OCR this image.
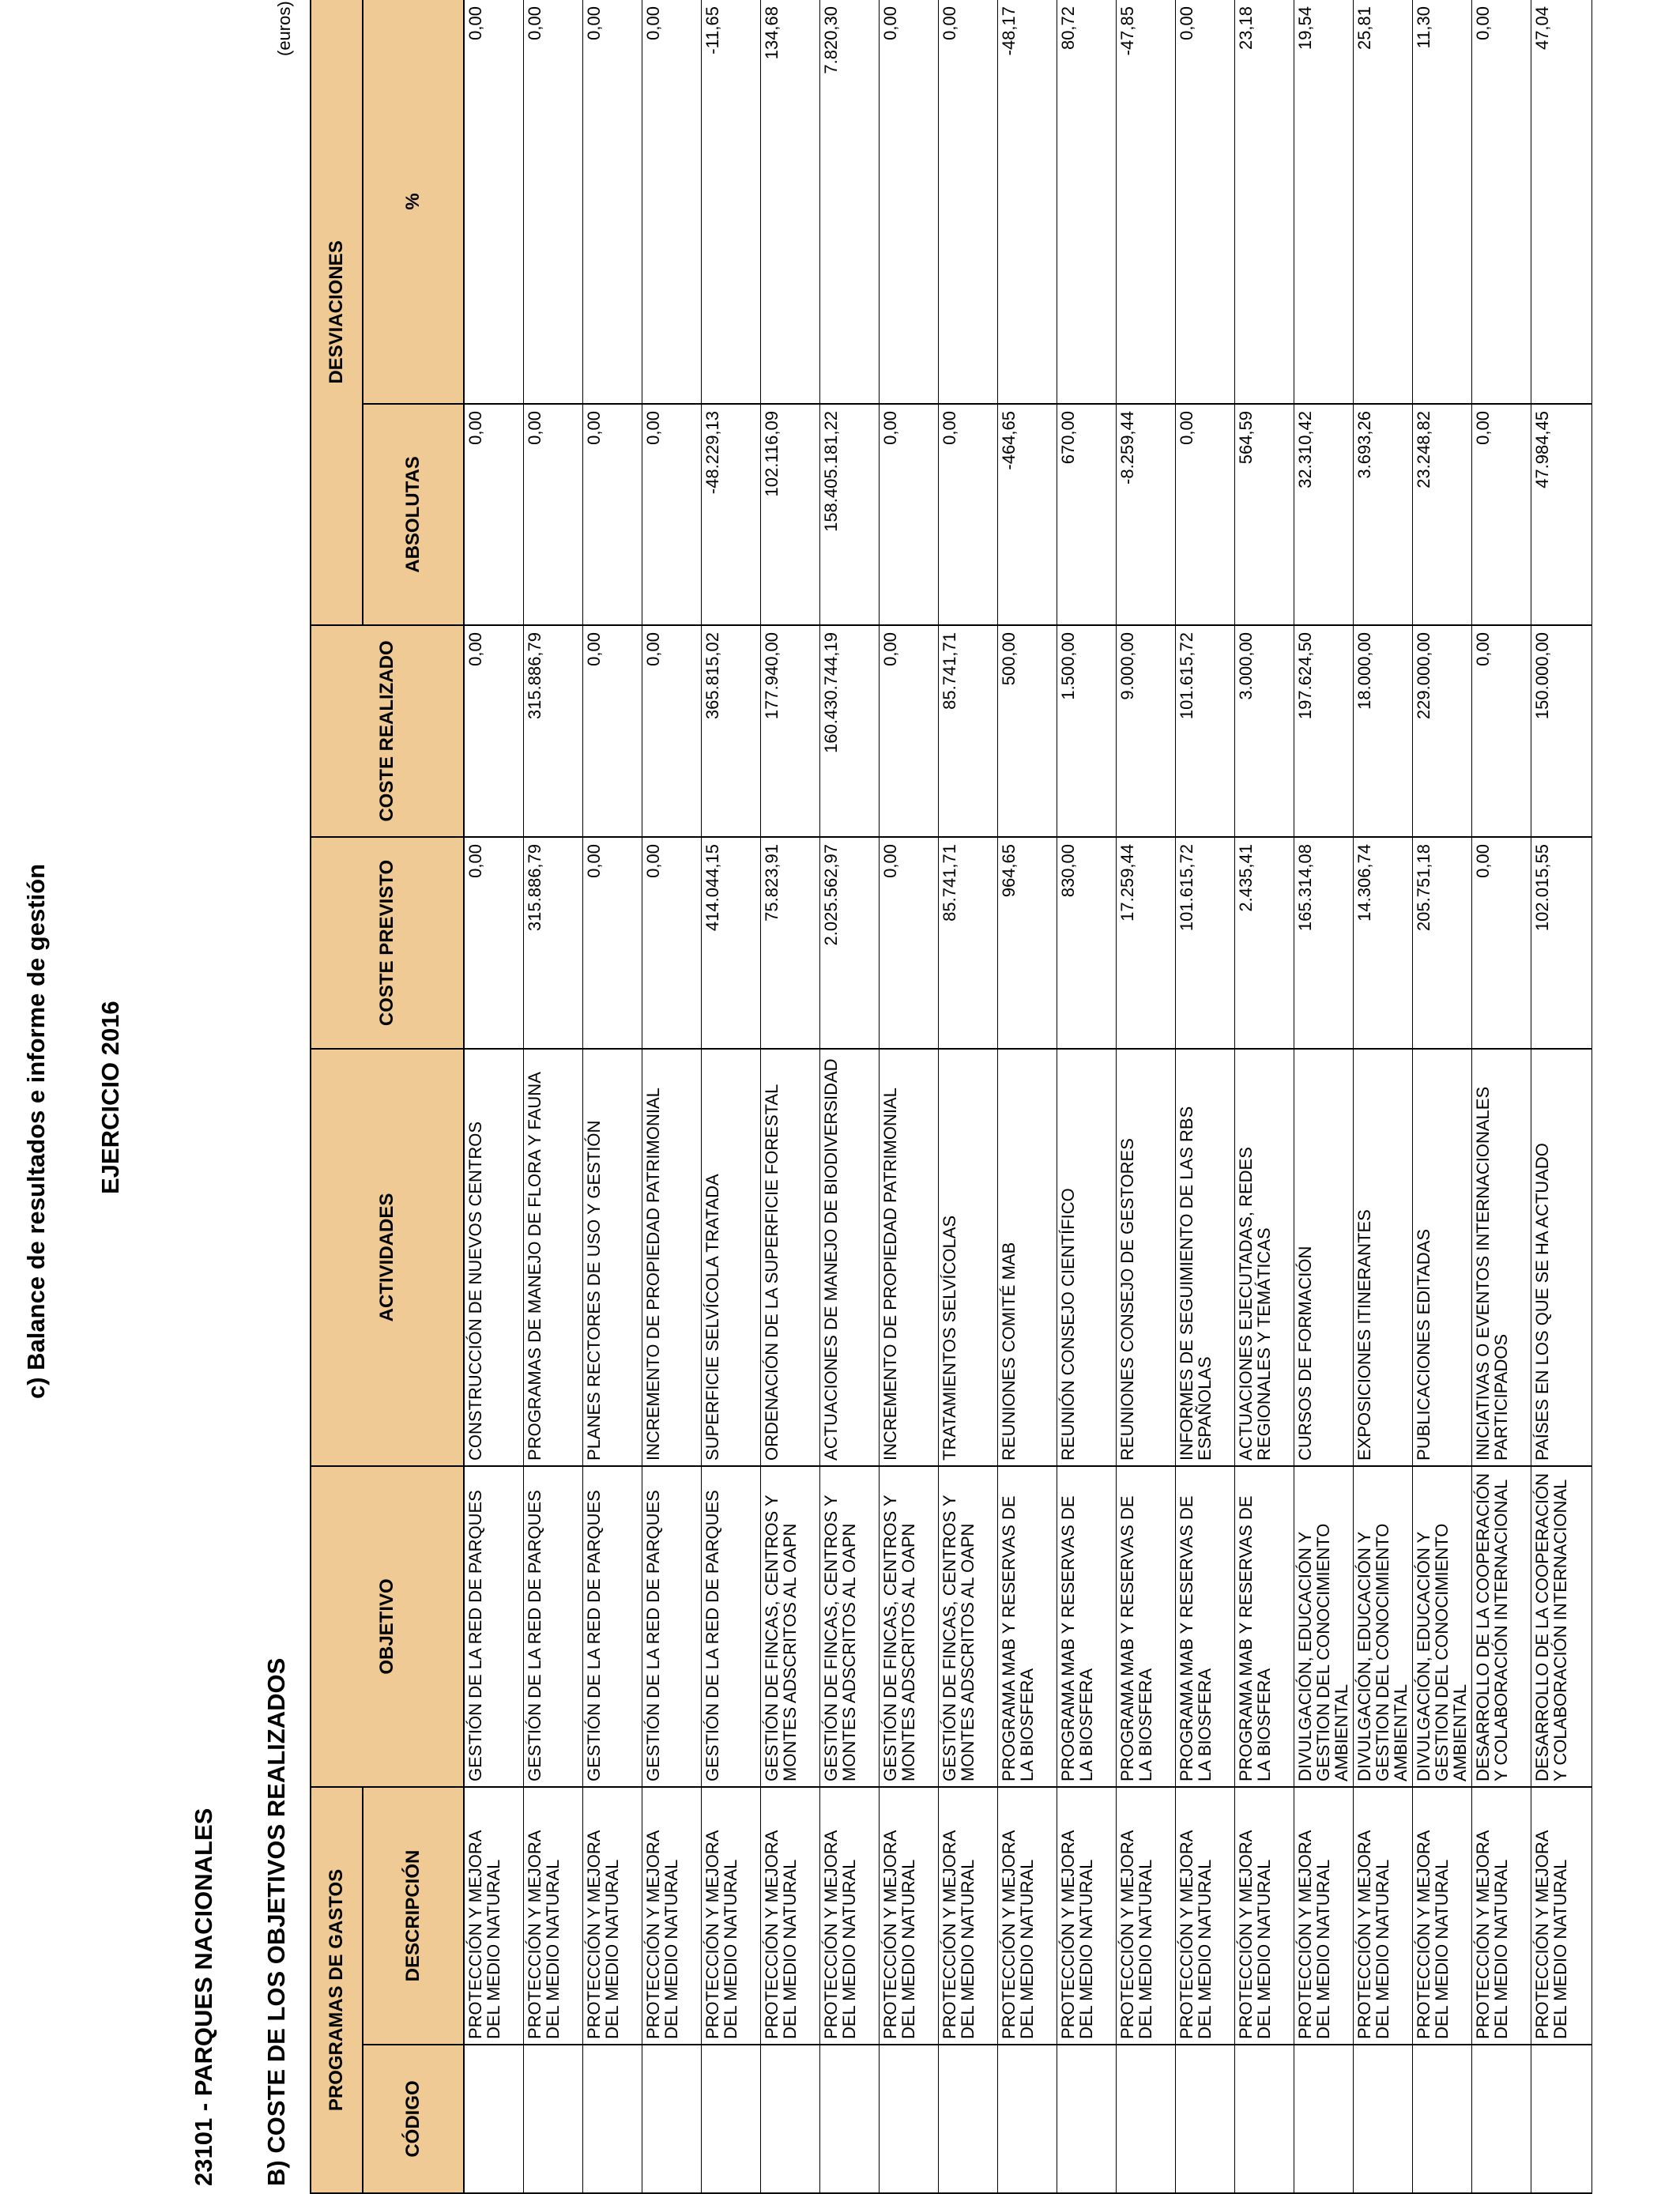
c) Balance de resultados e informe de gestión EJERCICIO 2016
23101 - PARQUES NACIONALES B) COSTE DE LOS OBJETIVOS REALIZADOS
(euros)
PROGRAMAS DE GASTOS		OBJETIVO	ACTIVIDADES	COSTE PREVISTO	COSTE REALIZADO	DESVIACIONES	
CÓDIGO	DESCRIPCIÓN					ABSOLUTAS	%
	PROTECCIÓN Y MEJORA DEL MEDIO NATURAL	GESTIÓN DE LA RED DE PARQUES	CONSTRUCCIÓN DE NUEVOS CENTROS	0,00	0,00	0,00	0,00
	PROTECCIÓN Y MEJORA DEL MEDIO NATURAL	GESTIÓN DE LA RED DE PARQUES	PROGRAMAS DE MANEJO DE FLORA Y FAUNA	315.886,79	315.886,79	0,00	0,00
	PROTECCIÓN Y MEJORA DEL MEDIO NATURAL	GESTIÓN DE LA RED DE PARQUES	PLANES RECTORES DE USO Y GESTIÓN	0,00	0,00	0,00	0,00
	PROTECCIÓN Y MEJORA DEL MEDIO NATURAL	GESTIÓN DE LA RED DE PARQUES	INCREMENTO DE PROPIEDAD PATRIMONIAL	0,00	0,00	0,00	0,00
	PROTECCIÓN Y MEJORA DEL MEDIO NATURAL	GESTIÓN DE LA RED DE PARQUES	SUPERFICIE SELVÍCOLA TRATADA	414.044,15	365.815,02	-48.229,13	-11,65
	PROTECCIÓN Y MEJORA DEL MEDIO NATURAL	GESTIÓN DE FINCAS, CENTROS Y MONTES ADSCRITOS AL OAPN	ORDENACIÓN DE LA SUPERFICIE FORESTAL	75.823,91	177.940,00	102.116,09	134,68
	PROTECCIÓN Y MEJORA DEL MEDIO NATURAL	GESTIÓN DE FINCAS, CENTROS Y MONTES ADSCRITOS AL OAPN	ACTUACIONES DE MANEJO DE BIODIVERSIDAD	2.025.562,97	160.430.744,19	158.405.181,22	7.820,30
	PROTECCIÓN Y MEJORA DEL MEDIO NATURAL	GESTIÓN DE FINCAS, CENTROS Y MONTES ADSCRITOS AL OAPN	INCREMENTO DE PROPIEDAD PATRIMONIAL	0,00	0,00	0,00	0,00
	PROTECCIÓN Y MEJORA DEL MEDIO NATURAL	GESTIÓN DE FINCAS, CENTROS Y MONTES ADSCRITOS AL OAPN	TRATAMIENTOS SELVÍCOLAS	85.741,71	85.741,71	0,00	0,00
	PROTECCIÓN Y MEJORA DEL MEDIO NATURAL	PROGRAMA MAB Y RESERVAS DE LA BIOSFERA	REUNIONES COMITÉ MAB	964,65	500,00	-464,65	-48,17
	PROTECCIÓN Y MEJORA DEL MEDIO NATURAL	PROGRAMA MAB Y RESERVAS DE LA BIOSFERA	REUNIÓN CONSEJO CIENTÍFICO	830,00	1.500,00	670,00	80,72
	PROTECCIÓN Y MEJORA DEL MEDIO NATURAL	PROGRAMA MAB Y RESERVAS DE LA BIOSFERA	REUNIONES CONSEJO DE GESTORES	17.259,44	9.000,00	-8.259,44	-47,85
	PROTECCIÓN Y MEJORA DEL MEDIO NATURAL	PROGRAMA MAB Y RESERVAS DE LA BIOSFERA	INFORMES DE SEGUIMIENTO DE LAS RBS ESPAÑOLAS	101.615,72	101.615,72	0,00	0,00
	PROTECCIÓN Y MEJORA DEL MEDIO NATURAL	PROGRAMA MAB Y RESERVAS DE LA BIOSFERA	ACTUACIONES EJECUTADAS, REDES REGIONALES Y TEMÁTICAS	2.435,41	3.000,00	564,59	23,18
	PROTECCIÓN Y MEJORA DEL MEDIO NATURAL	DIVULGACIÓN, EDUCACIÓN Y GESTION DEL CONOCIMIENTO AMBIENTAL	CURSOS DE FORMACIÓN	165.314,08	197.624,50	32.310,42	19,54
	PROTECCIÓN Y MEJORA DEL MEDIO NATURAL	DIVULGACIÓN, EDUCACIÓN Y GESTION DEL CONOCIMIENTO AMBIENTAL	EXPOSICIONES ITINERANTES	14.306,74	18.000,00	3.693,26	25,81
	PROTECCIÓN Y MEJORA DEL MEDIO NATURAL	DIVULGACIÓN, EDUCACIÓN Y GESTION DEL CONOCIMIENTO AMBIENTAL	PUBLICACIONES EDITADAS	205.751,18	229.000,00	23.248,82	11,30
	PROTECCIÓN Y MEJORA DEL MEDIO NATURAL	DESARROLLO DE LA COOPERACIÓN Y COLABORACIÓN INTERNACIONAL	INICIATIVAS O EVENTOS INTERNACIONALES PARTICIPADOS	0,00	0,00	0,00	0,00
	PROTECCIÓN Y MEJORA DEL MEDIO NATURAL	DESARROLLO DE LA COOPERACIÓN Y COLABORACIÓN INTERNACIONAL	PAÍSES EN LOS QUE SE HA ACTUADO	102.015,55	150.000,00	47.984,45	47,04
